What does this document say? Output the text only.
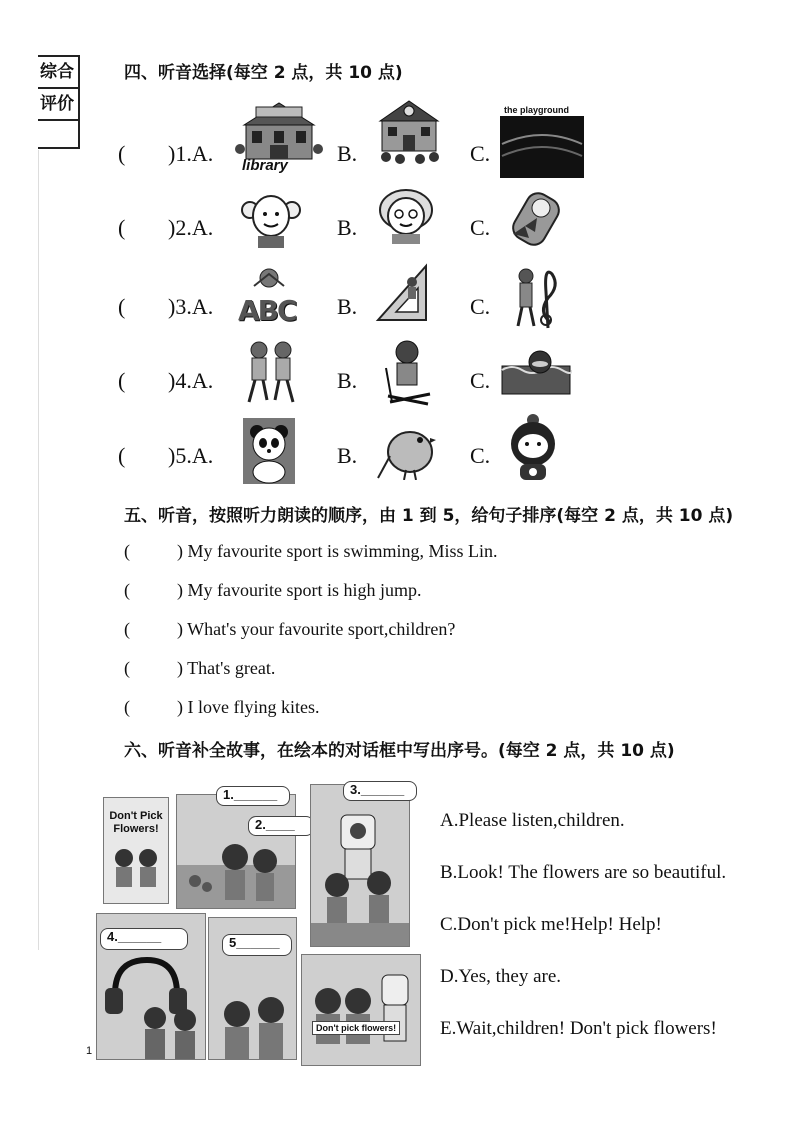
综合
评价
四、听音选择(每空 2 点，共 10 点)
( )1.A. library B.	C.
the playground
( )2.A.	B.	C.
( )3.A. ABC B.	C.
( )4.A.	B.	C.
( )5.A.	B.	C.
五、听音，按照听力朗读的顺序，由 1 到 5，给句子排序(每空 2 点，共 10 点)
(	) My favourite sport is swimming, Miss Lin.
(	) My favourite sport is high jump.
(	) What's your favourite sport,children?
(	) That's great.
(	) I love flying kites.
六、听音补全故事，在绘本的对话框中写出序号。(每空 2 点，共 10 点)
Don't Pick Flowers!
1.______
2.____
3.______
4.______	5______
Don't pick flowers!
1
A.Please listen,children.
B.Look! The flowers are so beautiful.
C.Don't pick me!Help! Help!
D.Yes, they are.
E.Wait,children! Don't pick flowers!
